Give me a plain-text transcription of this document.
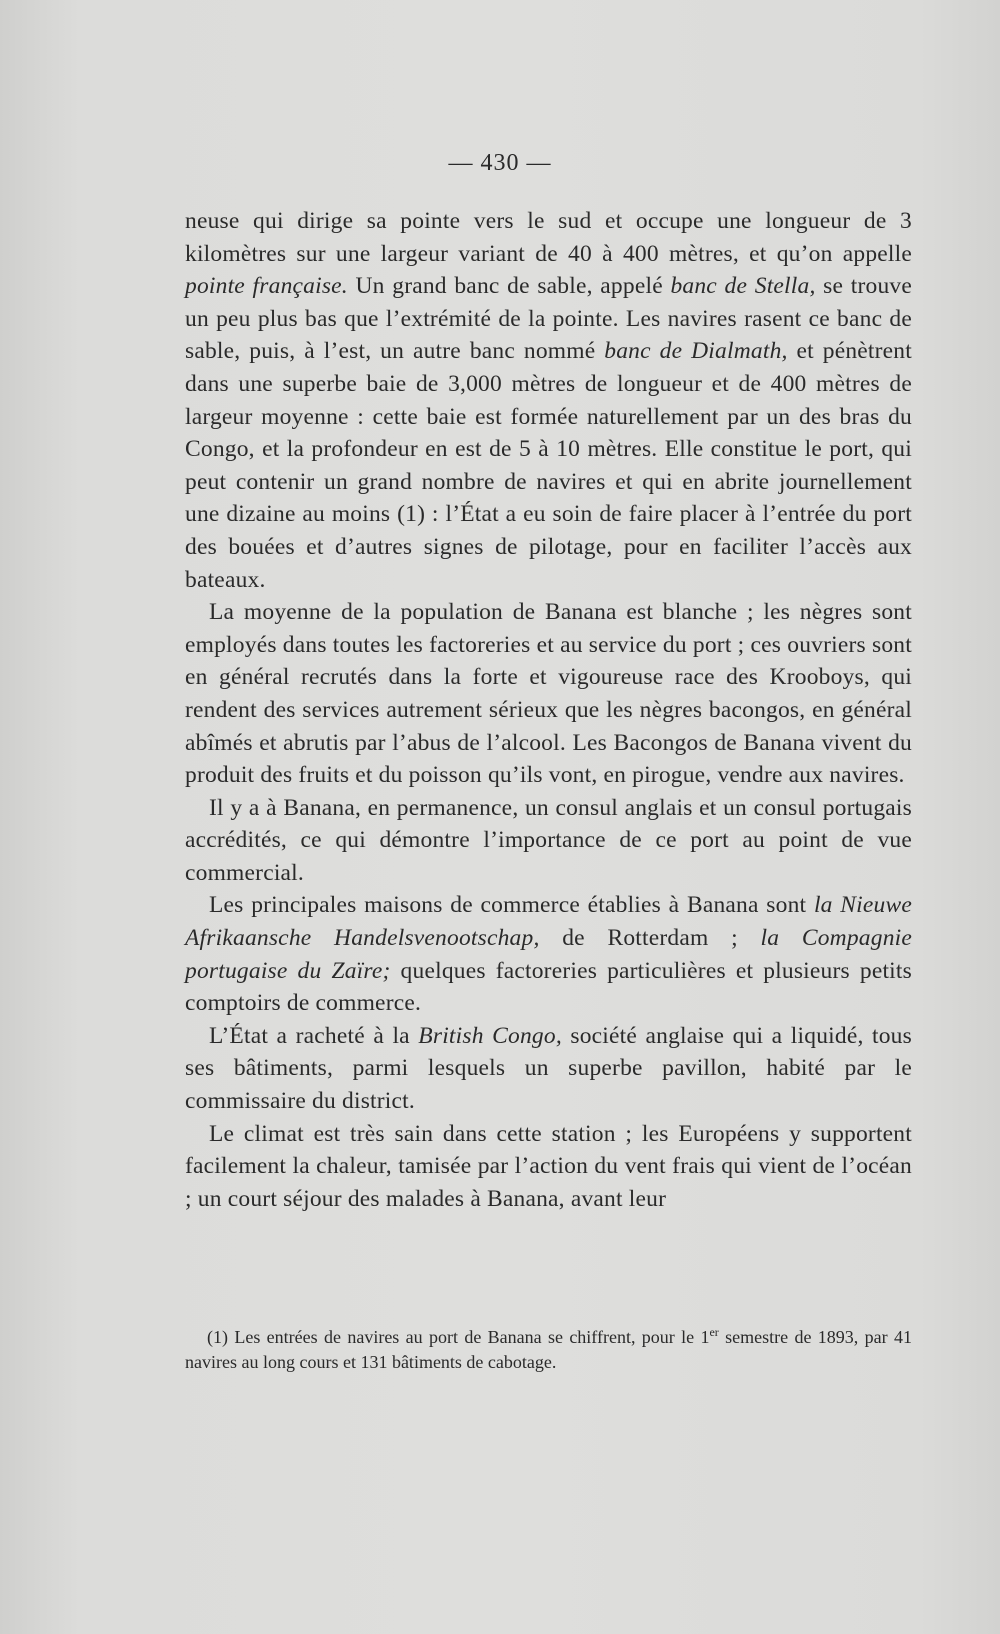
— 430 —

neuse qui dirige sa pointe vers le sud et occupe une longueur de 3 kilomètres sur une largeur variant de 40 à 400 mètres, et qu’on appelle pointe française. Un grand banc de sable, appelé banc de Stella, se trouve un peu plus bas que l’extrémité de la pointe. Les navires rasent ce banc de sable, puis, à l’est, un autre banc nommé banc de Dialmath, et pénètrent dans une superbe baie de 3,000 mètres de longueur et de 400 mètres de largeur moyenne : cette baie est formée naturellement par un des bras du Congo, et la profondeur en est de 5 à 10 mètres. Elle constitue le port, qui peut contenir un grand nombre de navires et qui en abrite journellement une dizaine au moins (1) : l’État a eu soin de faire placer à l’entrée du port des bouées et d’autres signes de pilotage, pour en faciliter l’accès aux bateaux.

La moyenne de la population de Banana est blanche ; les nègres sont employés dans toutes les factoreries et au service du port ; ces ouvriers sont en général recrutés dans la forte et vigoureuse race des Krooboys, qui rendent des services autrement sérieux que les nègres bacongos, en général abîmés et abrutis par l’abus de l’alcool. Les Bacongos de Banana vivent du produit des fruits et du poisson qu’ils vont, en pirogue, vendre aux navires.

Il y a à Banana, en permanence, un consul anglais et un consul portugais accrédités, ce qui démontre l’importance de ce port au point de vue commercial.

Les principales maisons de commerce établies à Banana sont la Nieuwe Afrikaansche Handelsvenootschap, de Rotterdam ; la Compagnie portugaise du Zaïre; quelques factoreries particulières et plusieurs petits comptoirs de commerce.

L’État a racheté à la British Congo, société anglaise qui a liquidé, tous ses bâtiments, parmi lesquels un superbe pavillon, habité par le commissaire du district.

Le climat est très sain dans cette station ; les Européens y supportent facilement la chaleur, tamisée par l’action du vent frais qui vient de l’océan ; un court séjour des malades à Banana, avant leur

(1) Les entrées de navires au port de Banana se chiffrent, pour le 1er semestre de 1893, par 41 navires au long cours et 131 bâtiments de cabotage.
